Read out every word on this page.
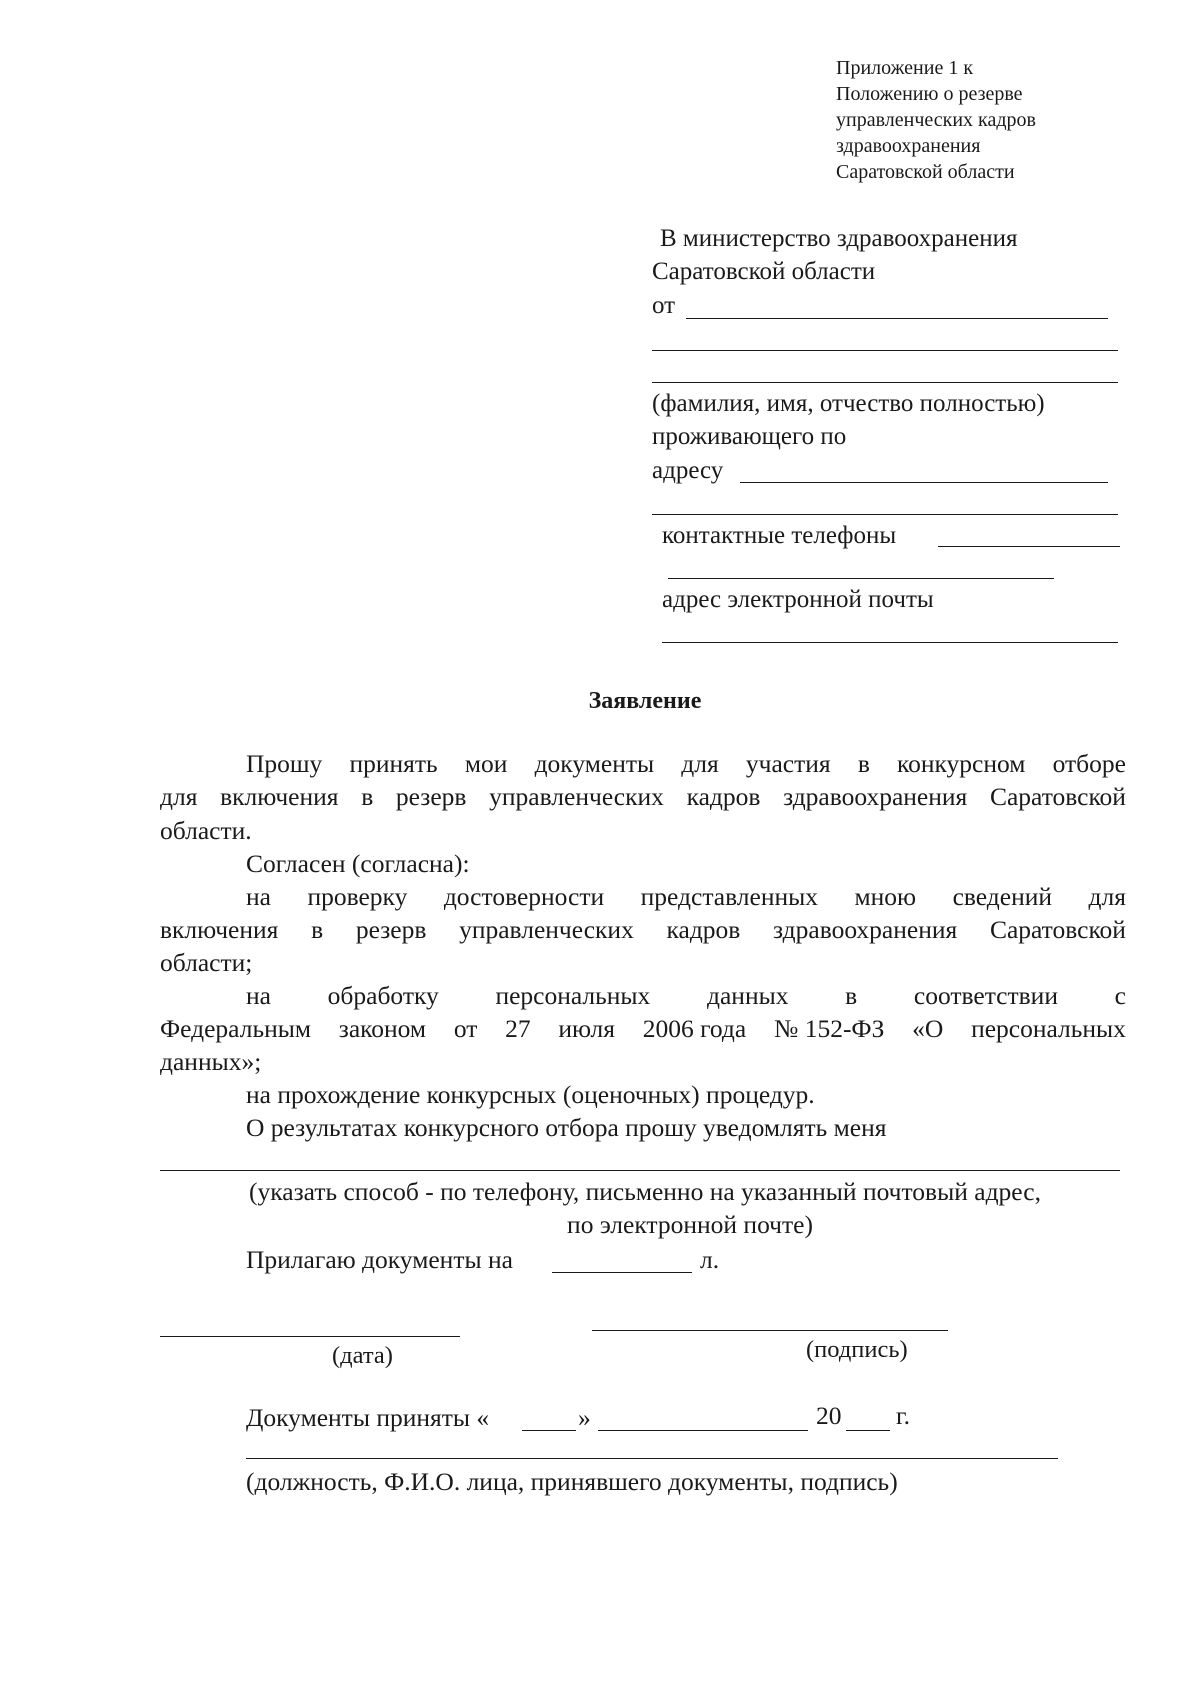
Приложение 1 к
Положению о резерве
управленческих кадров
здравоохранения
Саратовской области
В министерство здравоохранения
Саратовской области
от
(фамилия, имя, отчество полностью)
проживающего по
адресу
контактные телефоны
адрес электронной почты
Заявление
Прошу принять мои документы для участия в конкурсном отборе
для включения в резерв управленческих кадров здравоохранения Саратовской
области.
Согласен (согласна):
на проверку достоверности представленных мною сведений для
включения в резерв управленческих кадров здравоохранения Саратовской
области;
на обработку персональных данных в соответствии с
Федеральным законом от 27 июля 2006 года № 152-ФЗ «О персональных
данных»;
на прохождение конкурсных (оценочных) процедур.
О результатах конкурсного отбора прошу уведомлять меня
(указать способ - по телефону, письменно на указанный почтовый адрес,
по электронной почте)
Прилагаю документы на	л.
(дата)	(подпись)
Документы приняты «	»	20 г.
(должность, Ф.И.О. лица, принявшего документы, подпись)
